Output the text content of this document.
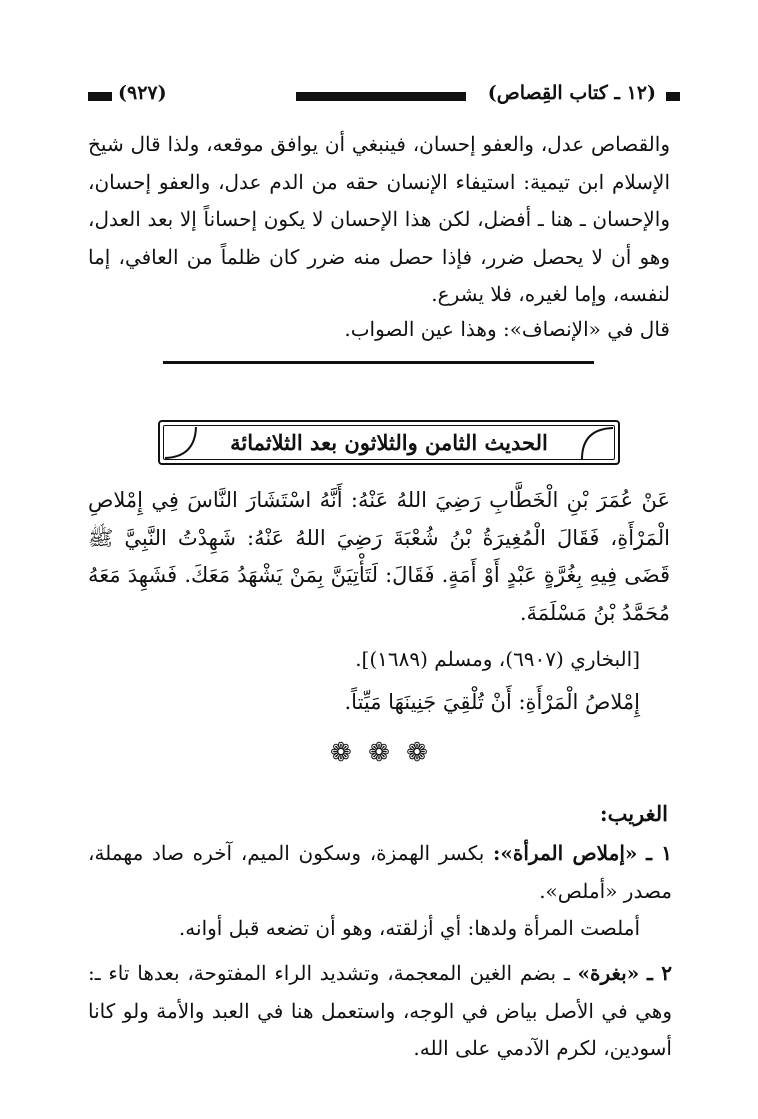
(١٢ ـ كتاب القِصاص)
(٩٢٧)

والقصاص عدل، والعفو إحسان، فينبغي أن يوافق موقعه، ولذا قال شيخ الإسلام ابن تيمية: استيفاء الإنسان حقه من الدم عدل، والعفو إحسان، والإحسان ـ هنا ـ أفضل، لكن هذا الإحسان لا يكون إحساناً إلا بعد العدل، وهو أن لا يحصل ضرر، فإذا حصل منه ضرر كان ظلماً من العافي، إما لنفسه، وإما لغيره، فلا يشرع.

قال في «الإنصاف»: وهذا عين الصواب.

الحديث الثامن والثلاثون بعد الثلاثمائة

عَنْ عُمَرَ بْنِ الْخَطَّابِ رَضِيَ اللهُ عَنْهُ: أَنَّهُ اسْتَشَارَ النَّاسَ فِي إِمْلاصِ الْمَرْأَةِ، فَقَالَ الْمُغِيرَةُ بْنُ شُعْبَةَ رَضِيَ اللهُ عَنْهُ: شَهِدْتُ النَّبِيَّ ﷺ قَضَى فِيهِ بِغُرَّةٍ عَبْدٍ أَوْ أَمَةٍ. فَقَالَ: لَتَأْتِيَنَّ بِمَنْ يَشْهَدُ مَعَكَ. فَشَهِدَ مَعَهُ مُحَمَّدُ بْنُ مَسْلَمَةَ.

[البخاري (٦٩٠٧)، ومسلم (١٦٨٩)].

إِمْلاصُ الْمَرْأَةِ: أَنْ تُلْقِيَ جَنِينَهَا مَيِّتاً.

❁ ❁ ❁
الغريب:

١ ـ «إملاص المرأة»: بكسر الهمزة، وسكون الميم، آخره صاد مهملة، مصدر «أملص».

أملصت المرأة ولدها: أي أزلقته، وهو أن تضعه قبل أوانه.

٢ ـ «بغرة» ـ بضم الغين المعجمة، وتشديد الراء المفتوحة، بعدها تاء ـ: وهي في الأصل بياض في الوجه، واستعمل هنا في العبد والأمة ولو كانا أسودين، لكرم الآدمي على الله.
